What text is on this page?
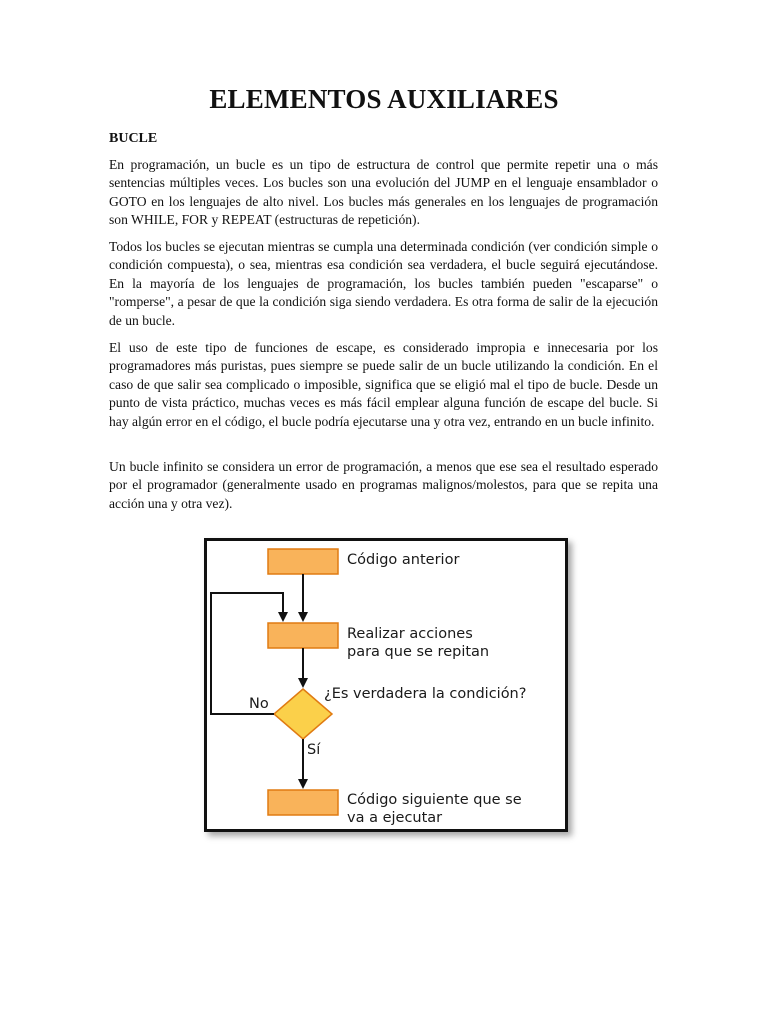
ELEMENTOS AUXILIARES
BUCLE

En programación, un bucle es un tipo de estructura de control que permite repetir una o más sentencias múltiples veces. Los bucles son una evolución del JUMP en el lenguaje ensamblador o GOTO en los lenguajes de alto nivel. Los bucles más generales en los lenguajes de programación son WHILE, FOR y REPEAT (estructuras de repetición).

Todos los bucles se ejecutan mientras se cumpla una determinada condición (ver condición simple o condición compuesta), o sea, mientras esa condición sea verdadera, el bucle seguirá ejecutándose. En la mayoría de los lenguajes de programación, los bucles también pueden "escaparse" o "romperse", a pesar de que la condición siga siendo verdadera. Es otra forma de salir de la ejecución de un bucle.

El uso de este tipo de funciones de escape, es considerado impropia e innecesaria por los programadores más puristas, pues siempre se puede salir de un bucle utilizando la condición. En el caso de que salir sea complicado o imposible, significa que se eligió mal el tipo de bucle. Desde un punto de vista práctico, muchas veces es más fácil emplear alguna función de escape del bucle. Si hay algún error en el código, el bucle podría ejecutarse una y otra vez, entrando en un bucle infinito.

Un bucle infinito se considera un error de programación, a menos que ese sea el resultado esperado por el programador (generalmente usado en programas malignos/molestos, para que se repita una acción una y otra vez).

Código anterior
Realizar acciones
para que se repitan
¿Es verdadera la condición?
No
Sí
Código siguiente que se
va a ejecutar
